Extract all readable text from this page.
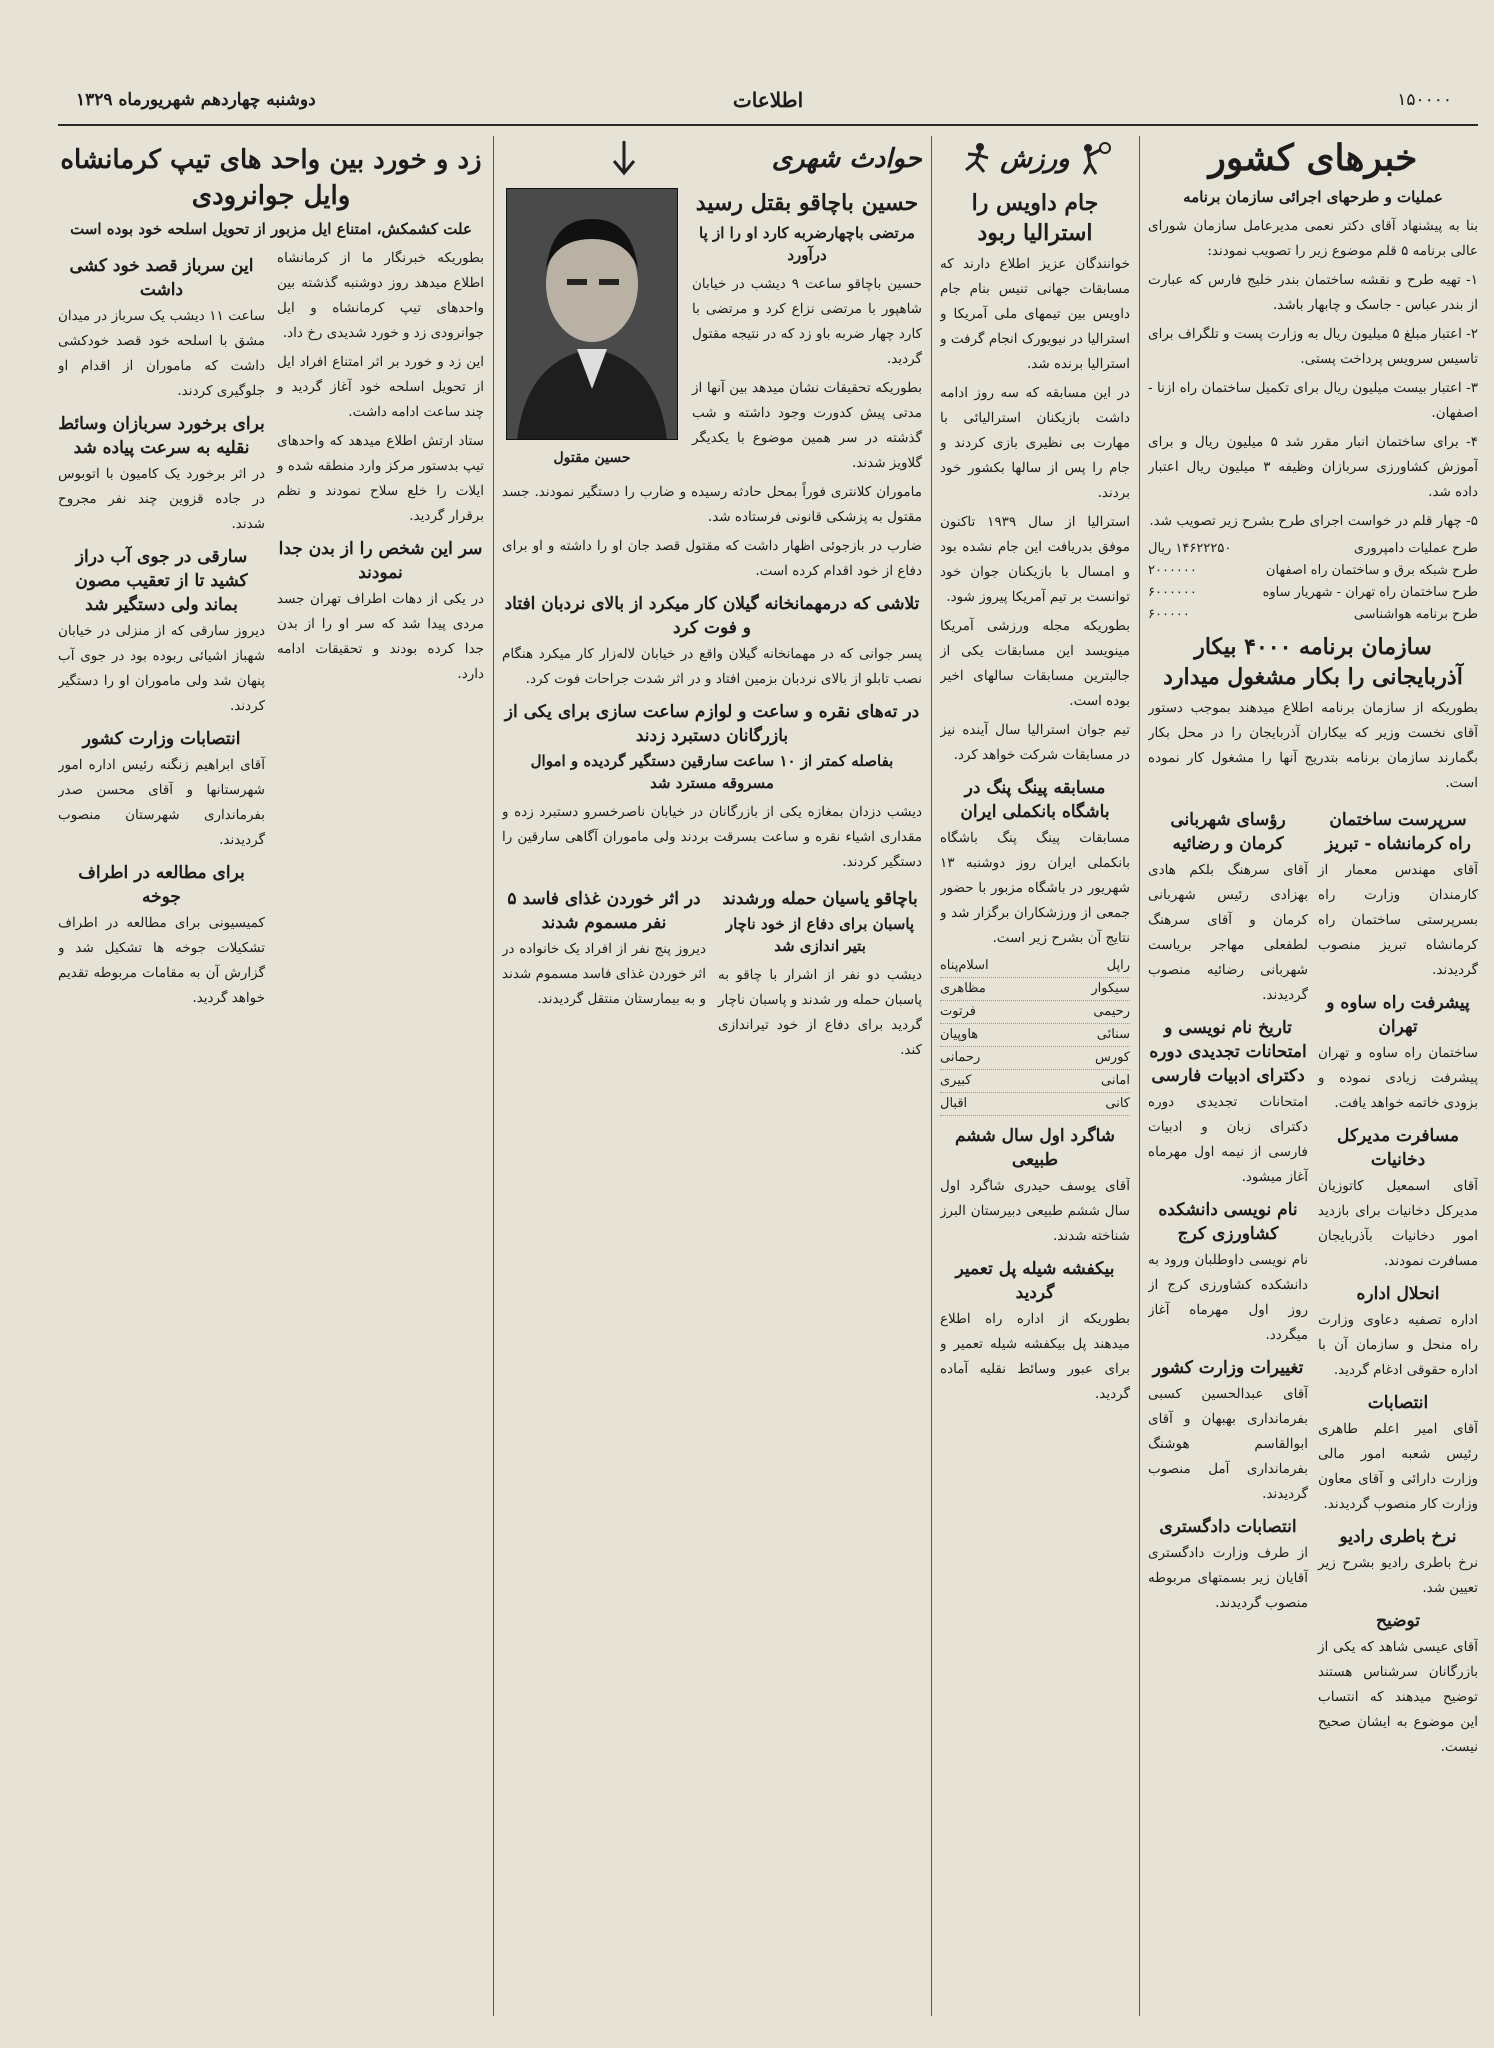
۱۵۰۰۰۰
اطلاعات
دوشنبه چهاردهم شهریورماه ۱۳۲۹
خبرهای کشور
عملیات و طرحهای اجرائی سازمان برنامه

بنا به پیشنهاد آقای دکتر نعمی مدیرعامل سازمان شورای عالی برنامه ۵ قلم موضوع زیر را تصویب نمودند:

۱- تهیه طرح و نقشه ساختمان بندر خلیج فارس که عبارت از بندر عباس - جاسک و چابهار باشد.

۲- اعتبار مبلغ ۵ میلیون ریال به وزارت پست و تلگراف برای تاسیس سرویس پرداخت پستی.

۳- اعتبار بیست میلیون ریال برای تکمیل ساختمان راه ازنا - اصفهان.

۴- برای ساختمان انبار مقرر شد ۵ میلیون ریال و برای آموزش کشاورزی سربازان وظیفه ۳ میلیون ریال اعتبار داده شد.

۵- چهار قلم در خواست اجرای طرح بشرح زیر تصویب شد.

طرح عملیات دامپروری
۱۴۶۲۲۲۵۰ ریال
طرح شبکه برق و ساختمان راه اصفهان
۲۰۰۰۰۰۰
طرح ساختمان راه تهران - شهریار ساوه
۶۰۰۰۰۰۰
طرح برنامه هواشناسی
۶۰۰۰۰۰
سازمان برنامه ۴۰۰۰ بیکار آذربایجانی را بکار مشغول میدارد

بطوریکه از سازمان برنامه اطلاع میدهند بموجب دستور آقای نخست وزیر که بیکاران آذربایجان را در محل بکار بگمارند سازمان برنامه بتدریج آنها را مشغول کار نموده است.

سرپرست ساختمان راه کرمانشاه - تبریز

آقای مهندس معمار از کارمندان وزارت راه بسرپرستی ساختمان راه کرمانشاه تبریز منصوب گردیدند.

پیشرفت راه ساوه و تهران

ساختمان راه ساوه و تهران پیشرفت زیادی نموده و بزودی خاتمه خواهد یافت.

مسافرت مدیرکل دخانیات

آقای اسمعیل کاتوزیان مدیرکل دخانیات برای بازدید امور دخانیات بآذربایجان مسافرت نمودند.

انحلال اداره

اداره تصفیه دعاوی وزارت راه منحل و سازمان آن با اداره حقوقی ادغام گردید.

انتصابات

آقای امیر اعلم طاهری رئیس شعبه امور مالی وزارت دارائی و آقای معاون وزارت کار منصوب گردیدند.

نرخ باطری رادیو

نرخ باطری رادیو بشرح زیر تعیین شد.

توضیح

آقای عیسی شاهد که یکی از بازرگانان سرشناس هستند توضیح میدهند که انتساب این موضوع به ایشان صحیح نیست.

رؤسای شهربانی کرمان و رضائیه

آقای سرهنگ بلکم هادی بهزادی رئیس شهربانی کرمان و آقای سرهنگ لطفعلی مهاجر بریاست شهربانی رضائیه منصوب گردیدند.

تاریخ نام نویسی و امتحانات تجدیدی دوره دکترای ادبیات فارسی

امتحانات تجدیدی دوره دکترای زبان و ادبیات فارسی از نیمه اول مهرماه آغاز میشود.

نام نویسی دانشکده کشاورزی کرج

نام نویسی داوطلبان ورود به دانشکده کشاورزی کرج از روز اول مهرماه آغاز میگردد.

تغییرات وزارت کشور

آقای عبدالحسین کسبی بفرمانداری بهبهان و آقای ابوالقاسم هوشنگ بفرمانداری آمل منصوب گردیدند.

انتصابات دادگستری

از طرف وزارت دادگستری آقایان زیر بسمتهای مربوطه منصوب گردیدند.

ورزش
جام داویس را استرالیا ربود

خوانندگان عزیز اطلاع دارند که مسابقات جهانی تنیس بنام جام داویس بین تیمهای ملی آمریکا و استرالیا در نیویورک انجام گرفت و استرالیا برنده شد.

در این مسابقه که سه روز ادامه داشت بازیکنان استرالیائی با مهارت بی نظیری بازی کردند و جام را پس از سالها بکشور خود بردند.

استرالیا از سال ۱۹۳۹ تاکنون موفق بدریافت این جام نشده بود و امسال با بازیکنان جوان خود توانست بر تیم آمریکا پیروز شود.

بطوریکه مجله ورزشی آمریکا مینویسد این مسابقات یکی از جالبترین مسابقات سالهای اخیر بوده است.

تیم جوان استرالیا سال آینده نیز در مسابقات شرکت خواهد کرد.

مسابقه پینگ پنگ در باشگاه بانکملی ایران

مسابقات پینگ پنگ باشگاه بانکملی ایران روز دوشنبه ۱۳ شهریور در باشگاه مزبور با حضور جمعی از ورزشکاران برگزار شد و نتایج آن بشرح زیر است.

راپل
اسلام‌پناه
سیکوار
مظاهری
رحیمی
فرتوت
سنائی
هاوپیان
کورس
رحمانی
امانی
کبیری
کانی
اقبال
شاگرد اول سال ششم طبیعی

آقای یوسف حیدری شاگرد اول سال ششم طبیعی دبیرستان البرز شناخته شدند.

بیکفشه شیله پل تعمیر گردید

بطوریکه از اداره راه اطلاع میدهند پل بیکفشه شیله تعمیر و برای عبور وسائط نقلیه آماده گردید.

حوادث شهری
حسین باچاقو بقتل رسید
مرتضی باچهارضربه کارد او را از پا درآورد

حسین باچاقو ساعت ۹ دیشب در خیابان شاهپور با مرتضی نزاع کرد و مرتضی با کارد چهار ضربه باو زد که در نتیجه مقتول گردید.

بطوریکه تحقیقات نشان میدهد بین آنها از مدتی پیش کدورت وجود داشته و شب گذشته در سر همین موضوع با یکدیگر گلاویز شدند.

حسین مقتول

ماموران کلانتری فوراً بمحل حادثه رسیده و ضارب را دستگیر نمودند. جسد مقتول به پزشکی قانونی فرستاده شد.

ضارب در بازجوئی اظهار داشت که مقتول قصد جان او را داشته و او برای دفاع از خود اقدام کرده است.

تلاشی که درمهمانخانه گیلان کار میکرد از بالای نردبان افتاد و فوت کرد

پسر جوانی که در مهمانخانه گیلان واقع در خیابان لاله‌زار کار میکرد هنگام نصب تابلو از بالای نردبان بزمین افتاد و در اثر شدت جراحات فوت کرد.

در ته‌های نقره و ساعت و لوازم ساعت سازی برای یکی از بازرگانان دستبرد زدند
بفاصله کمتر از ۱۰ ساعت سارقین دستگیر گردیده و اموال مسروقه مسترد شد

دیشب دزدان بمغازه یکی از بازرگانان در خیابان ناصرخسرو دستبرد زده و مقداری اشیاء نقره و ساعت بسرقت بردند ولی ماموران آگاهی سارقین را دستگیر کردند.

باچاقو یاسیان حمله ورشدند
پاسبان برای دفاع از خود ناچار بتیر اندازی شد

دیشب دو نفر از اشرار با چاقو به پاسبان حمله ور شدند و پاسبان ناچار گردید برای دفاع از خود تیراندازی کند.

در اثر خوردن غذای فاسد ۵ نفر مسموم شدند

دیروز پنج نفر از افراد یک خانواده در اثر خوردن غذای فاسد مسموم شدند و به بیمارستان منتقل گردیدند.

زد و خورد بین واحد های تیپ کرمانشاه وایل جوانرودی
علت کشمکش، امتناع ایل مزبور از تحویل اسلحه خود بوده است

بطوریکه خبرنگار ما از کرمانشاه اطلاع میدهد روز دوشنبه گذشته بین واحدهای تیپ کرمانشاه و ایل جوانرودی زد و خورد شدیدی رخ داد.

این زد و خورد بر اثر امتناع افراد ایل از تحویل اسلحه خود آغاز گردید و چند ساعت ادامه داشت.

ستاد ارتش اطلاع میدهد که واحدهای تیپ بدستور مرکز وارد منطقه شده و ایلات را خلع سلاح نمودند و نظم برقرار گردید.

سر این شخص را از بدن جدا نمودند

در یکی از دهات اطراف تهران جسد مردی پیدا شد که سر او را از بدن جدا کرده بودند و تحقیقات ادامه دارد.

این سرباز قصد خود کشی داشت

ساعت ۱۱ دیشب یک سرباز در میدان مشق با اسلحه خود قصد خودکشی داشت که ماموران از اقدام او جلوگیری کردند.

برای برخورد سربازان وسائط نقلیه به سرعت پیاده شد

در اثر برخورد یک کامیون با اتوبوس در جاده قزوین چند نفر مجروح شدند.

سارقی در جوی آب دراز کشید تا از تعقیب مصون بماند ولی دستگیر شد

دیروز سارقی که از منزلی در خیابان شهباز اشیائی ربوده بود در جوی آب پنهان شد ولی ماموران او را دستگیر کردند.

انتصابات وزارت کشور

آقای ابراهیم زنگنه رئیس اداره امور شهرستانها و آقای محسن صدر بفرمانداری شهرستان منصوب گردیدند.

برای مطالعه در اطراف جوخه

کمیسیونی برای مطالعه در اطراف تشکیلات جوخه ها تشکیل شد و گزارش آن به مقامات مربوطه تقدیم خواهد گردید.
